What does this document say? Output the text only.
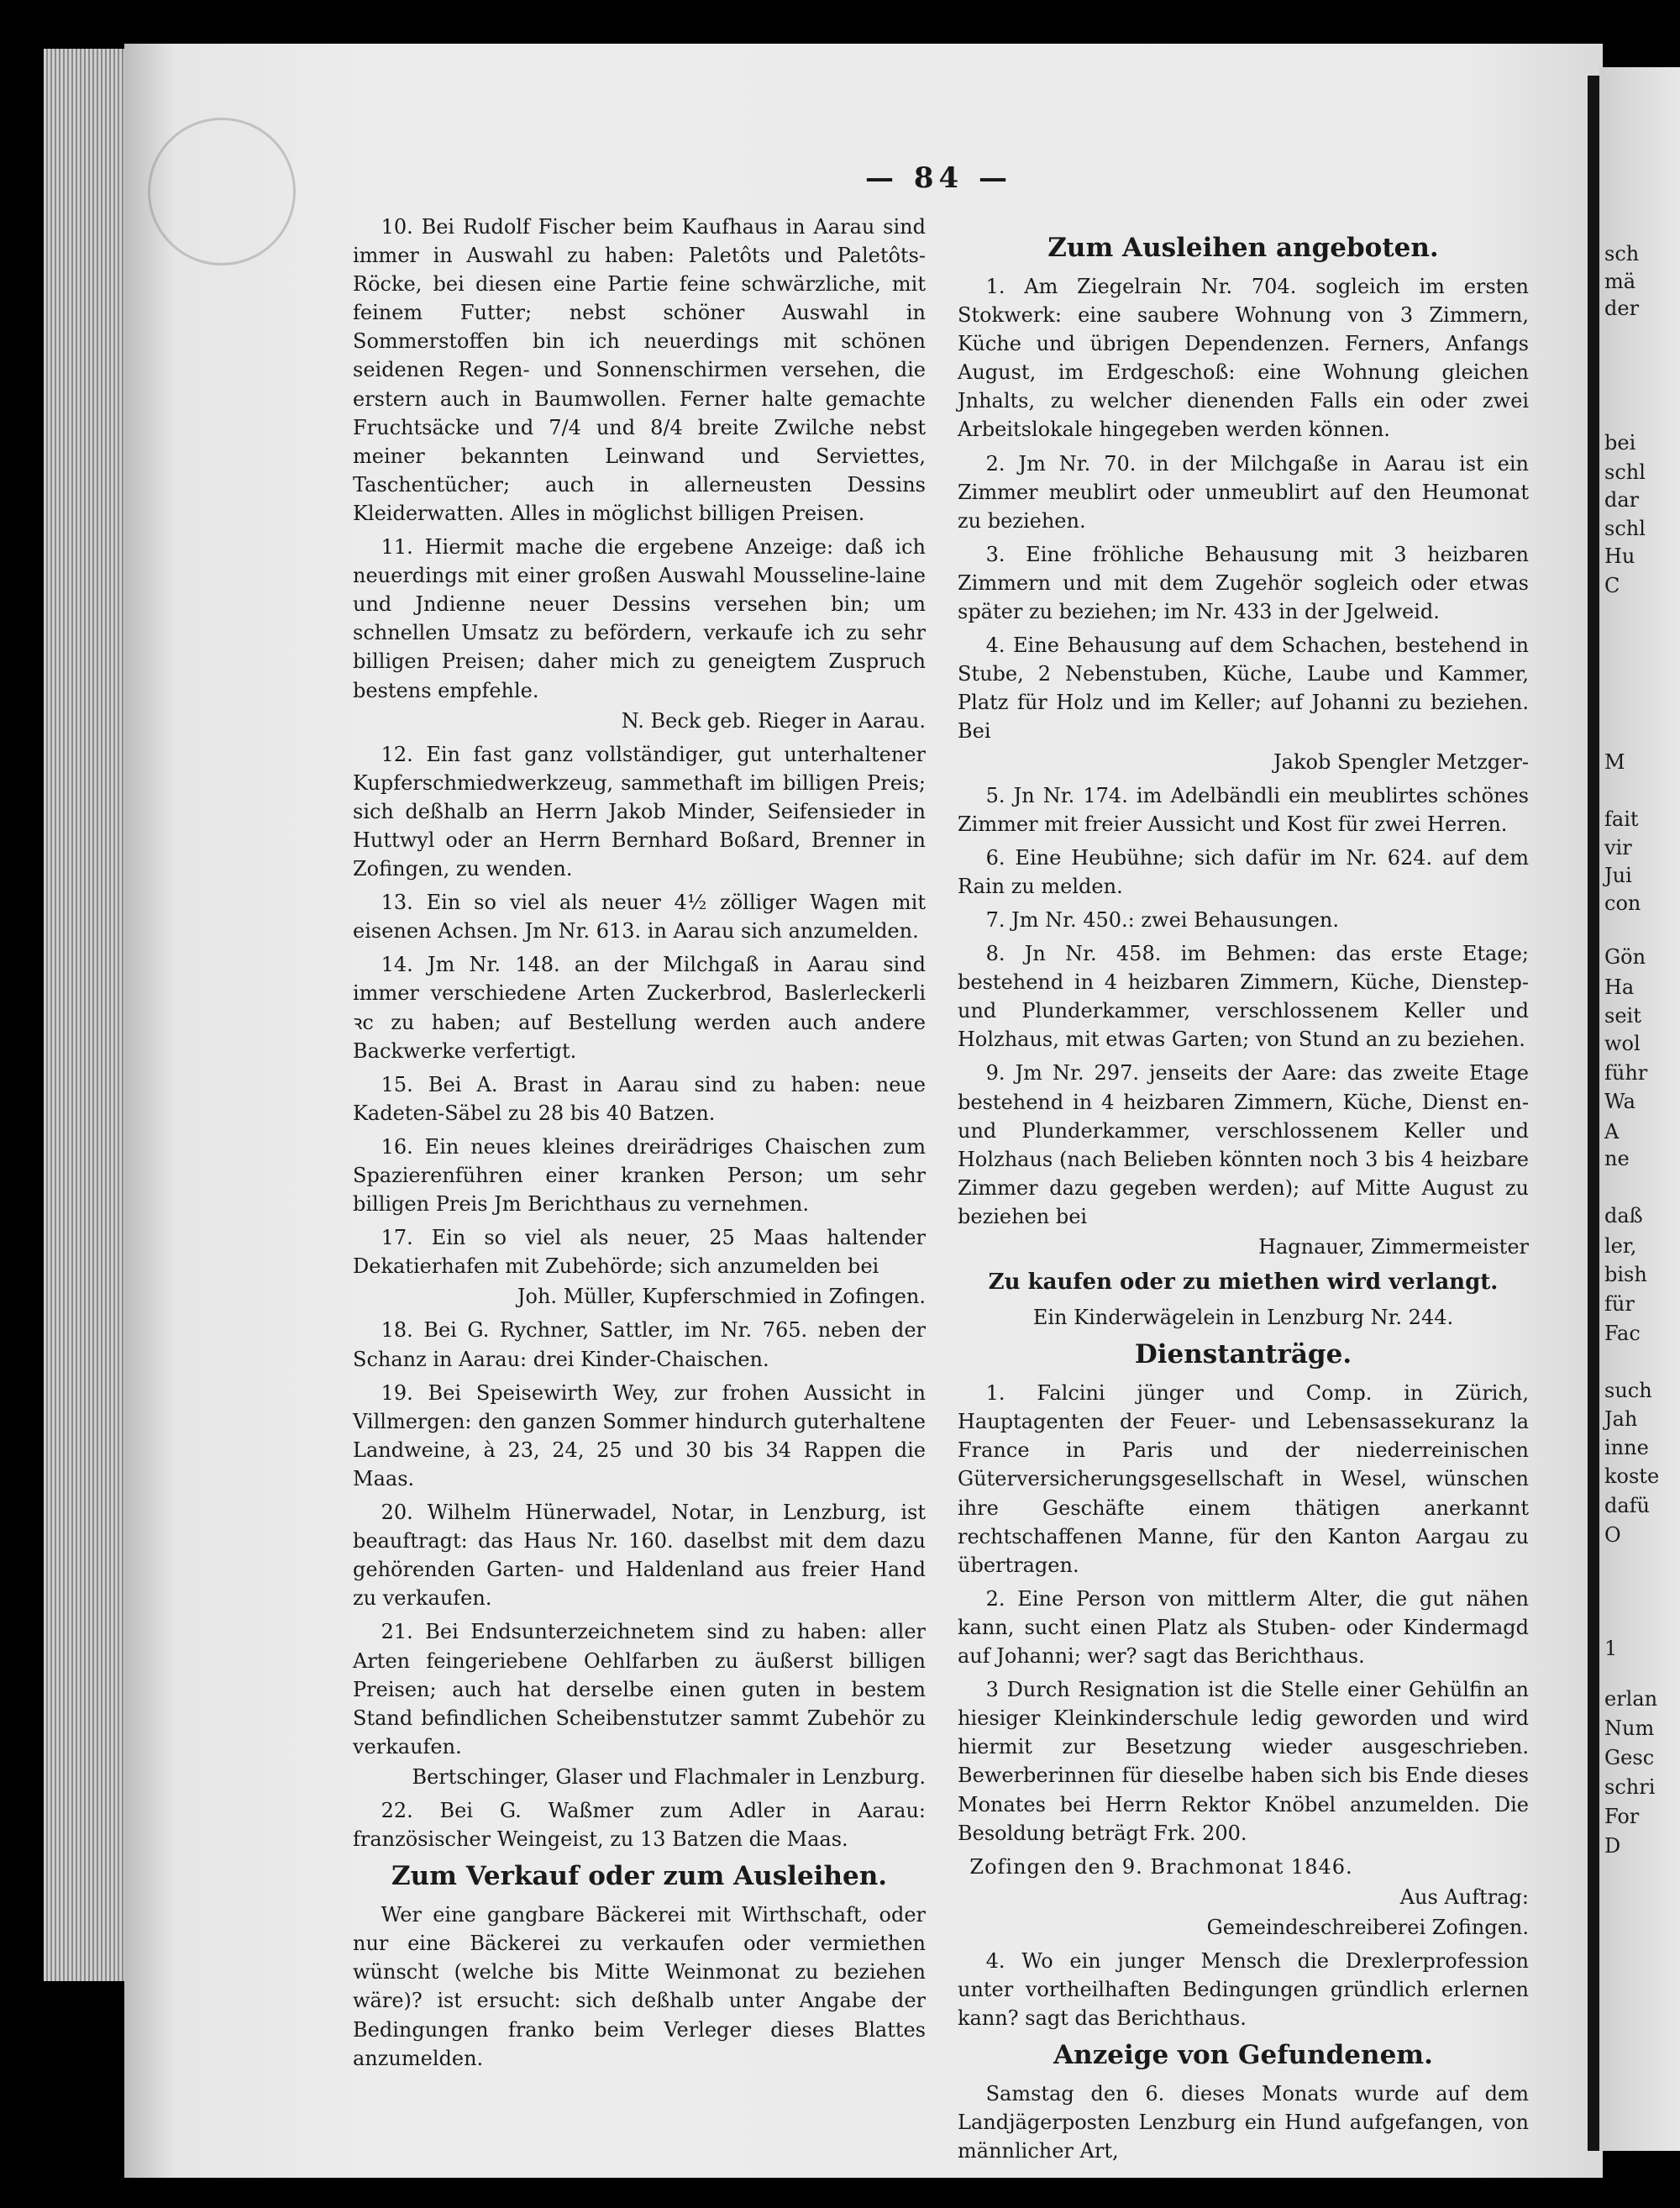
sch
mä
der
bei
schl
dar
schl
Hu
C
M
fait
vir
Jui
con
Gön
Ha
seit
wol
führ
Wa
A
ne
daß
ler,
bish
für
Fac
such
Jah
inne
koste
dafü
O
1
erlan
Num
Gesc
schri
For
D
— 84 —

10. Bei Rudolf Fischer beim Kaufhaus in Aarau sind immer in Auswahl zu haben: Paletôts und Paletôts-Röcke, bei diesen eine Partie feine schwärzliche, mit feinem Futter; nebst schöner Auswahl in Sommerstoffen bin ich neuerdings mit schönen seidenen Regen- und Sonnenschirmen versehen, die erstern auch in Baumwollen. Ferner halte gemachte Fruchtsäcke und 7/4 und 8/4 breite Zwilche nebst meiner bekannten Leinwand und Serviettes, Taschentücher; auch in allerneusten Dessins Kleiderwatten. Alles in möglichst billigen Preisen.

11. Hiermit mache die ergebene Anzeige: daß ich neuerdings mit einer großen Auswahl Mousseline-laine und Jndienne neuer Dessins versehen bin; um schnellen Umsatz zu befördern, verkaufe ich zu sehr billigen Preisen; daher mich zu geneigtem Zuspruch bestens empfehle.

N. Beck geb. Rieger in Aarau.

12. Ein fast ganz vollständiger, gut unterhaltener Kupferschmiedwerkzeug, sammethaft im billigen Preis; sich deßhalb an Herrn Jakob Minder, Seifensieder in Huttwyl oder an Herrn Bernhard Boßard, Brenner in Zofingen, zu wenden.

13. Ein so viel als neuer 4½ zölliger Wagen mit eisenen Achsen. Jm Nr. 613. in Aarau sich anzumelden.

14. Jm Nr. 148. an der Milchgaß in Aarau sind immer verschiedene Arten Zuckerbrod, Baslerleckerli ꝛc zu haben; auf Bestellung werden auch andere Backwerke verfertigt.

15. Bei A. Brast in Aarau sind zu haben: neue Kadeten-Säbel zu 28 bis 40 Batzen.

16. Ein neues kleines dreirädriges Chaischen zum Spazierenführen einer kranken Person; um sehr billigen Preis Jm Berichthaus zu vernehmen.

17. Ein so viel als neuer, 25 Maas haltender Dekatierhafen mit Zubehörde; sich anzumelden bei

Joh. Müller, Kupferschmied in Zofingen.

18. Bei G. Rychner, Sattler, im Nr. 765. neben der Schanz in Aarau: drei Kinder-Chaischen.

19. Bei Speisewirth Wey, zur frohen Aussicht in Villmergen: den ganzen Sommer hindurch guterhaltene Landweine, à 23, 24, 25 und 30 bis 34 Rappen die Maas.

20. Wilhelm Hünerwadel, Notar, in Lenzburg, ist beauftragt: das Haus Nr. 160. daselbst mit dem dazu gehörenden Garten- und Haldenland aus freier Hand zu verkaufen.

21. Bei Endsunterzeichnetem sind zu haben: aller Arten feingeriebene Oehlfarben zu äußerst billigen Preisen; auch hat derselbe einen guten in bestem Stand befindlichen Scheibenstutzer sammt Zubehör zu verkaufen.

Bertschinger, Glaser und Flachmaler in Lenzburg.

22. Bei G. Waßmer zum Adler in Aarau: französischer Weingeist, zu 13 Batzen die Maas.

Zum Verkauf oder zum Ausleihen.

Wer eine gangbare Bäckerei mit Wirthschaft, oder nur eine Bäckerei zu verkaufen oder vermiethen wünscht (welche bis Mitte Weinmonat zu beziehen wäre)? ist ersucht: sich deßhalb unter Angabe der Bedingungen franko beim Verleger dieses Blattes anzumelden.

Zum Ausleihen angeboten.

1. Am Ziegelrain Nr. 704. sogleich im ersten Stokwerk: eine saubere Wohnung von 3 Zimmern, Küche und übrigen Dependenzen. Ferners, Anfangs August, im Erdgeschoß: eine Wohnung gleichen Jnhalts, zu welcher dienenden Falls ein oder zwei Arbeitslokale hingegeben werden können.

2. Jm Nr. 70. in der Milchgaße in Aarau ist ein Zimmer meublirt oder unmeublirt auf den Heumonat zu beziehen.

3. Eine fröhliche Behausung mit 3 heizbaren Zimmern und mit dem Zugehör sogleich oder etwas später zu beziehen; im Nr. 433 in der Jgelweid.

4. Eine Behausung auf dem Schachen, bestehend in Stube, 2 Nebenstuben, Küche, Laube und Kammer, Platz für Holz und im Keller; auf Johanni zu beziehen. Bei

Jakob Spengler Metzger-

5. Jn Nr. 174. im Adelbändli ein meublirtes schönes Zimmer mit freier Aussicht und Kost für zwei Herren.

6. Eine Heubühne; sich dafür im Nr. 624. auf dem Rain zu melden.

7. Jm Nr. 450.: zwei Behausungen.

8. Jn Nr. 458. im Behmen: das erste Etage; bestehend in 4 heizbaren Zimmern, Küche, Dienstep- und Plunderkammer, verschlossenem Keller und Holzhaus, mit etwas Garten; von Stund an zu beziehen.

9. Jm Nr. 297. jenseits der Aare: das zweite Etage bestehend in 4 heizbaren Zimmern, Küche, Dienst en- und Plunderkammer, verschlossenem Keller und Holzhaus (nach Belieben könnten noch 3 bis 4 heizbare Zimmer dazu gegeben werden); auf Mitte August zu beziehen bei

Hagnauer, Zimmermeister

Zu kaufen oder zu miethen wird verlangt.

Ein Kinderwägelein in Lenzburg Nr. 244.

Dienstanträge.

1. Falcini jünger und Comp. in Zürich, Hauptagenten der Feuer- und Lebensassekuranz la France in Paris und der niederreinischen Güterversicherungsgesellschaft in Wesel, wünschen ihre Geschäfte einem thätigen anerkannt rechtschaffenen Manne, für den Kanton Aargau zu übertragen.

2. Eine Person von mittlerm Alter, die gut nähen kann, sucht einen Platz als Stuben- oder Kindermagd auf Johanni; wer? sagt das Berichthaus.

3 Durch Resignation ist die Stelle einer Gehülfin an hiesiger Kleinkinderschule ledig geworden und wird hiermit zur Besetzung wieder ausgeschrieben. Bewerberinnen für dieselbe haben sich bis Ende dieses Monates bei Herrn Rektor Knöbel anzumelden. Die Besoldung beträgt Frk. 200.

Zofingen den 9. Brachmonat 1846.

Aus Auftrag:

Gemeindeschreiberei Zofingen.

4. Wo ein junger Mensch die Drexlerprofession unter vortheilhaften Bedingungen gründlich erlernen kann? sagt das Berichthaus.

Anzeige von Gefundenem.

Samstag den 6. dieses Monats wurde auf dem Landjägerposten Lenzburg ein Hund aufgefangen, von männlicher Art,
